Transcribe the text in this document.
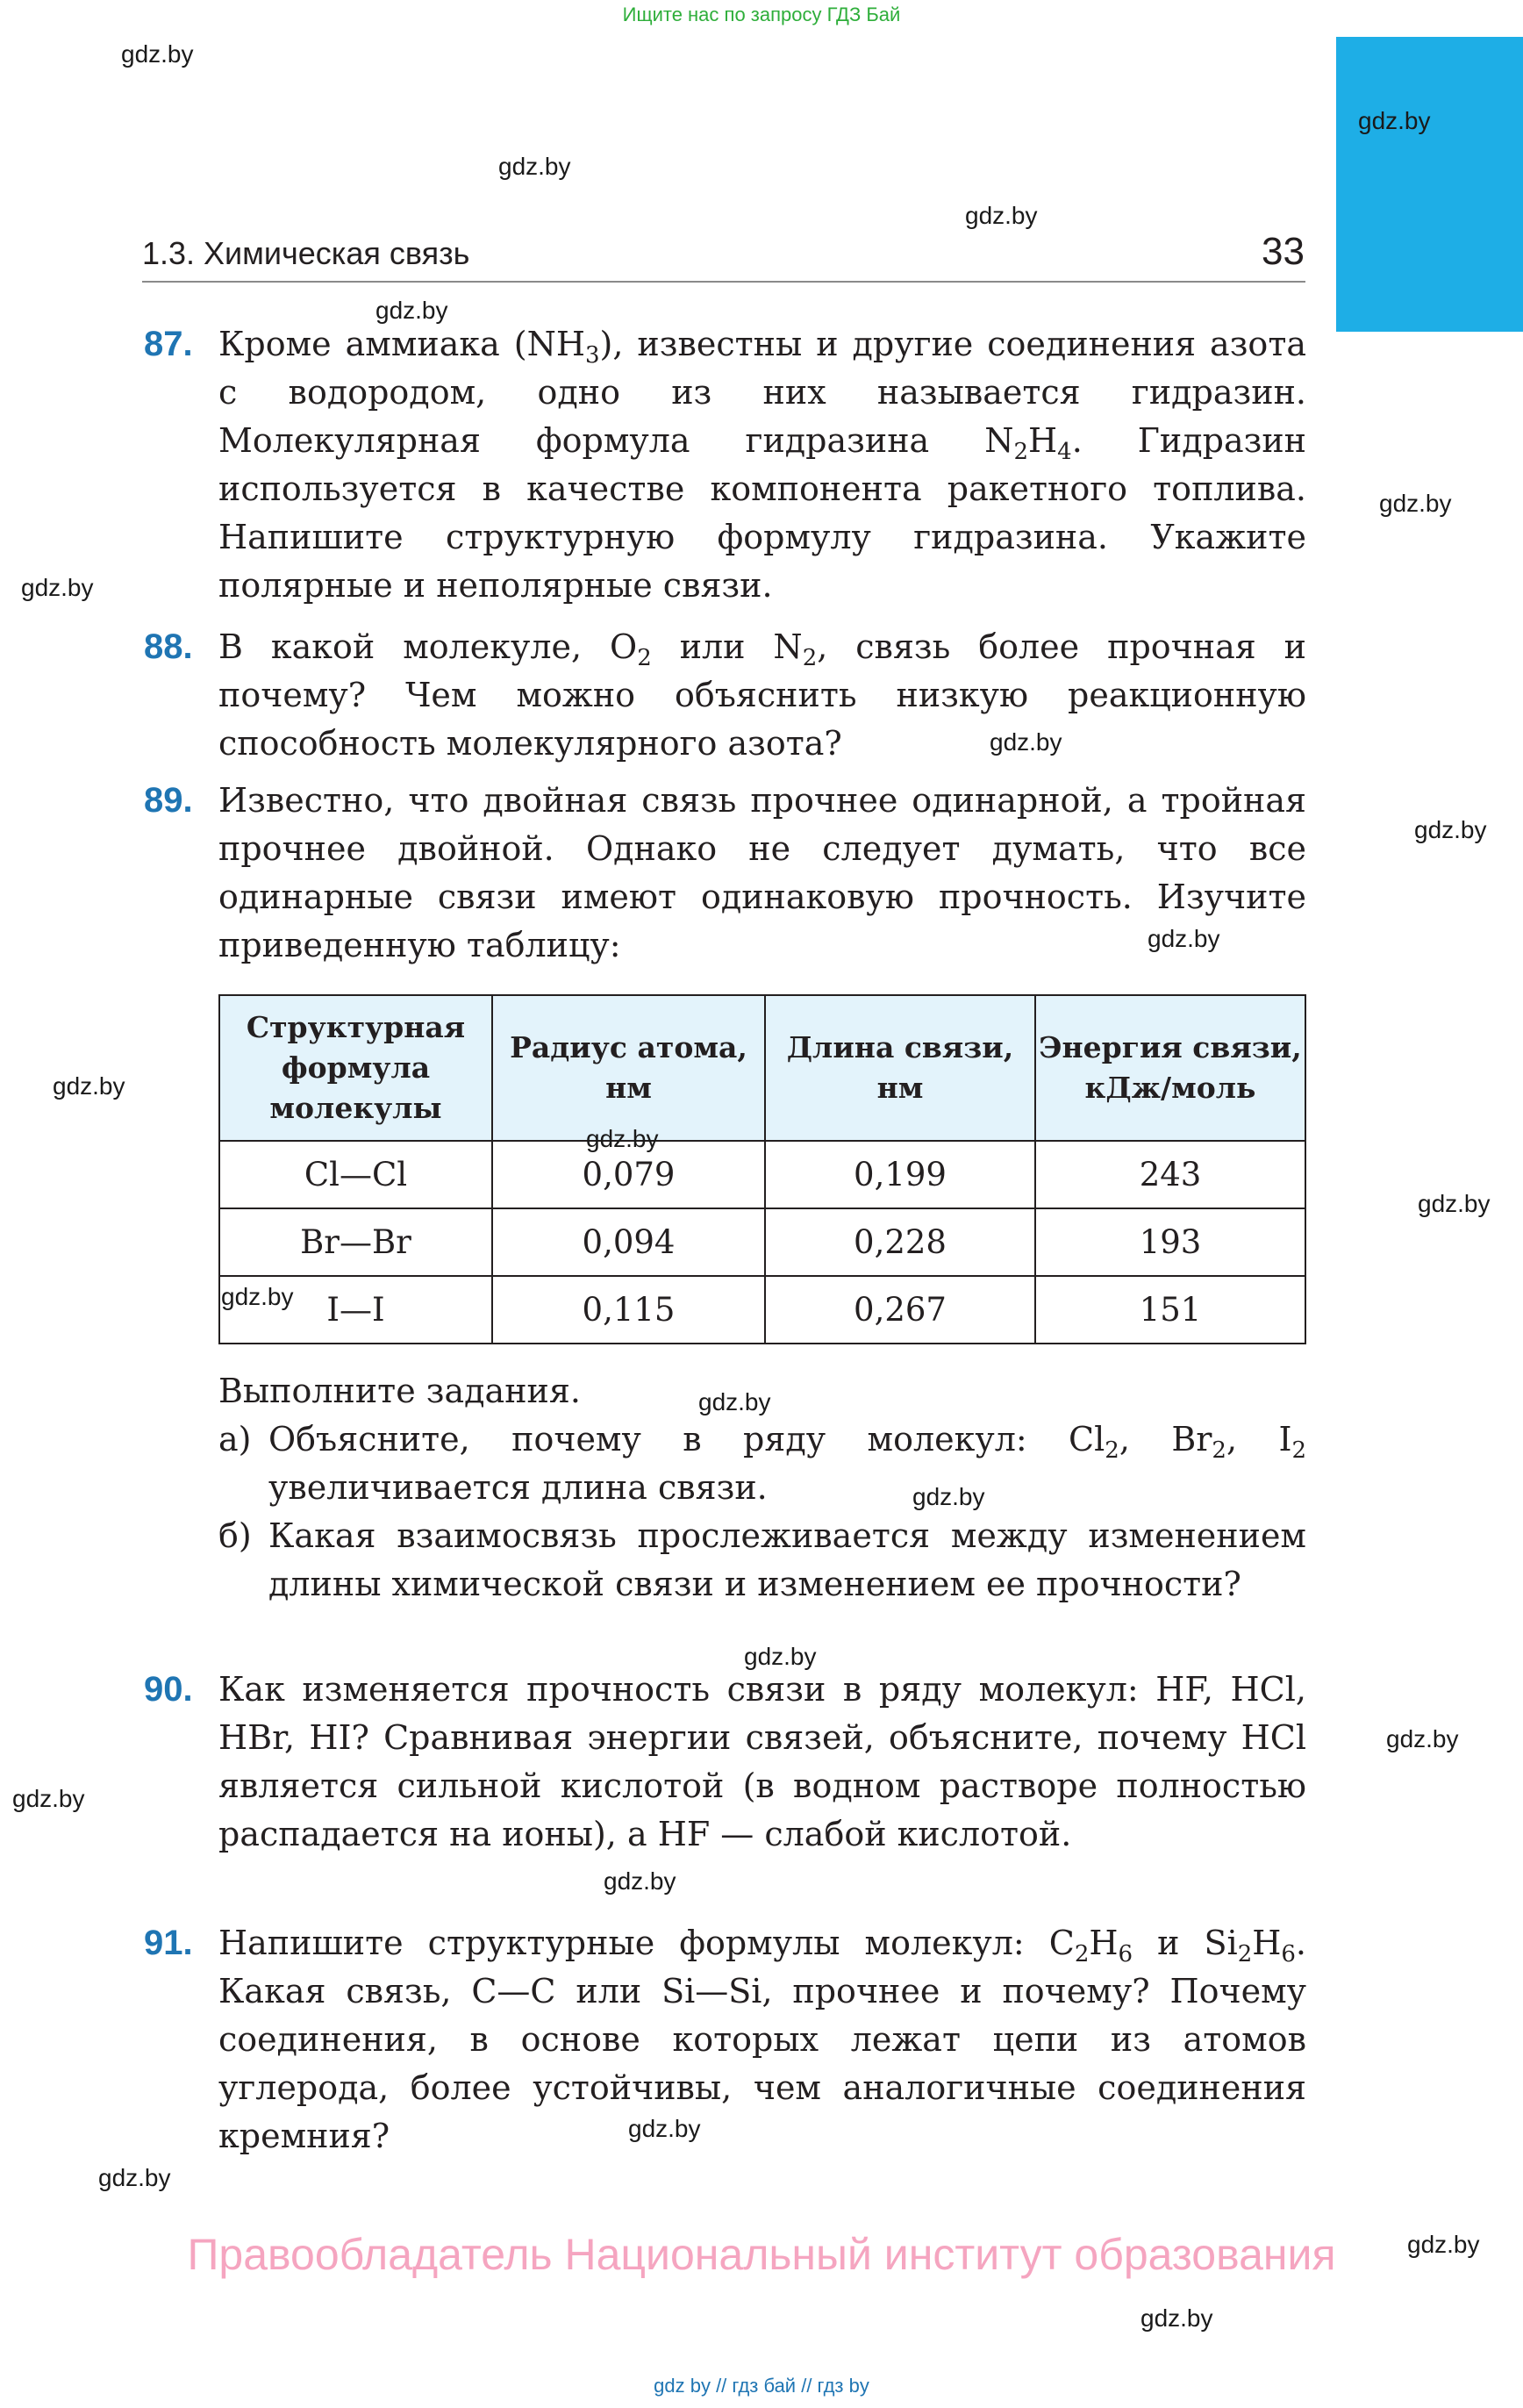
Ищите нас по запросу ГДЗ Бай
1.3. Химическая связь	33
87. Кроме аммиака $(NH_3)$, известны и другие соединения азота с водородом, одно из них называется гидразин. Молекулярная формула гидразина $N_2H_4$. Гидразин используется в качестве компонента ракетного топлива. Напишите структурную формулу гидразина. Укажите полярные и неполярные связи.
88. В какой молекуле, $O_2$ или $N_2$, связь более прочная и почему? Чем можно объяснить низкую реакционную способность молекулярного азота?
89. Известно, что двойная связь прочнее одинарной, а тройная прочнее двойной. Однако не следует думать, что все одинарные связи имеют одинаковую прочность. Изучите приведенную таблицу:
Структурная формула молекулы	Радиус атома, нм	Длина связи, нм	Энергия связи, кДж/моль
Cl—Cl	0,079	0,199	243
Br—Br	0,094	0,228	193
I—I	0,115	0,267	151
Выполните задания.
а) Объясните, почему в ряду молекул: $Cl_2$, $Br_2$, $I_2$ увеличивается длина связи.
б) Какая взаимосвязь прослеживается между изменением длины химической связи и изменением ее прочности?
90. Как изменяется прочность связи в ряду молекул: HF, HCl, HBr, HI? Сравнивая энергии связей, объясните, почему HCl является сильной кислотой (в водном растворе полностью распадается на ионы), а HF — слабой кислотой.
91. Напишите структурные формулы молекул: $C_2H_6$ и $Si_2H_6$. Какая связь, C—C или Si—Si, прочнее и почему? Почему соединения, в основе которых лежат цепи из атомов углерода, более устойчивы, чем аналогичные соединения кремния?
Правообладатель Национальный институт образования
gdz by // гдз бай // гдз by
gdz.by
gdz.by
gdz.by
gdz.by
gdz.by
gdz.by
gdz.by
gdz.by
gdz.by
gdz.by
gdz.by
gdz.by
gdz.by
gdz.by
gdz.by
gdz.by
gdz.by
gdz.by
gdz.by
gdz.by
gdz.by
gdz.by
gdz.by
gdz.by
